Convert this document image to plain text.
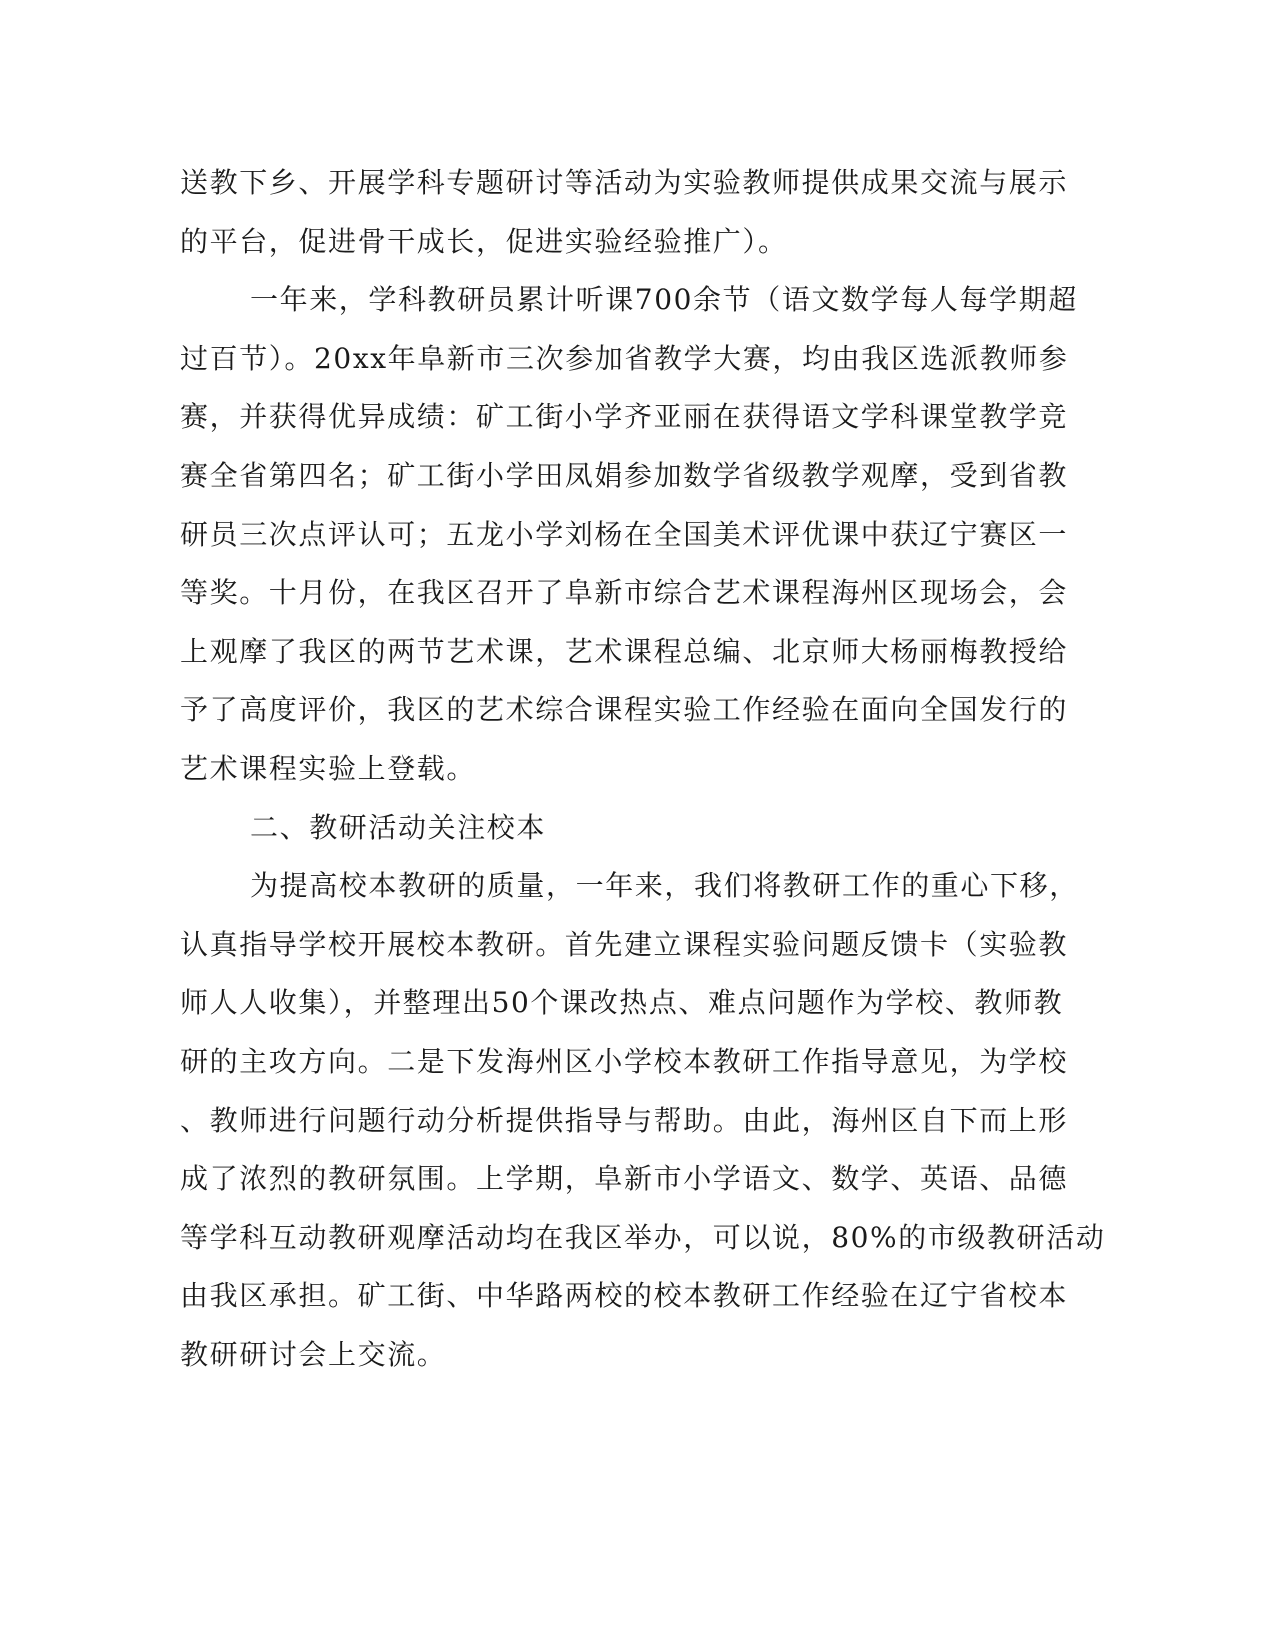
送教下乡、开展学科专题研讨等活动为实验教师提供成果交流与展示
的平台，促进骨干成长，促进实验经验推广）。
一年来，学科教研员累计听课700余节（语文数学每人每学期超
过百节）。20xx年阜新市三次参加省教学大赛，均由我区选派教师参
赛，并获得优异成绩：矿工街小学齐亚丽在获得语文学科课堂教学竞
赛全省第四名；矿工街小学田凤娟参加数学省级教学观摩，受到省教
研员三次点评认可；五龙小学刘杨在全国美术评优课中获辽宁赛区一
等奖。十月份，在我区召开了阜新市综合艺术课程海州区现场会，会
上观摩了我区的两节艺术课，艺术课程总编、北京师大杨丽梅教授给
予了高度评价，我区的艺术综合课程实验工作经验在面向全国发行的
艺术课程实验上登载。
二、教研活动关注校本
为提高校本教研的质量，一年来，我们将教研工作的重心下移，
认真指导学校开展校本教研。首先建立课程实验问题反馈卡（实验教
师人人收集），并整理出50个课改热点、难点问题作为学校、教师教
研的主攻方向。二是下发海州区小学校本教研工作指导意见，为学校
、教师进行问题行动分析提供指导与帮助。由此，海州区自下而上形
成了浓烈的教研氛围。上学期，阜新市小学语文、数学、英语、品德
等学科互动教研观摩活动均在我区举办，可以说，80%的市级教研活动
由我区承担。矿工街、中华路两校的校本教研工作经验在辽宁省校本
教研研讨会上交流。
